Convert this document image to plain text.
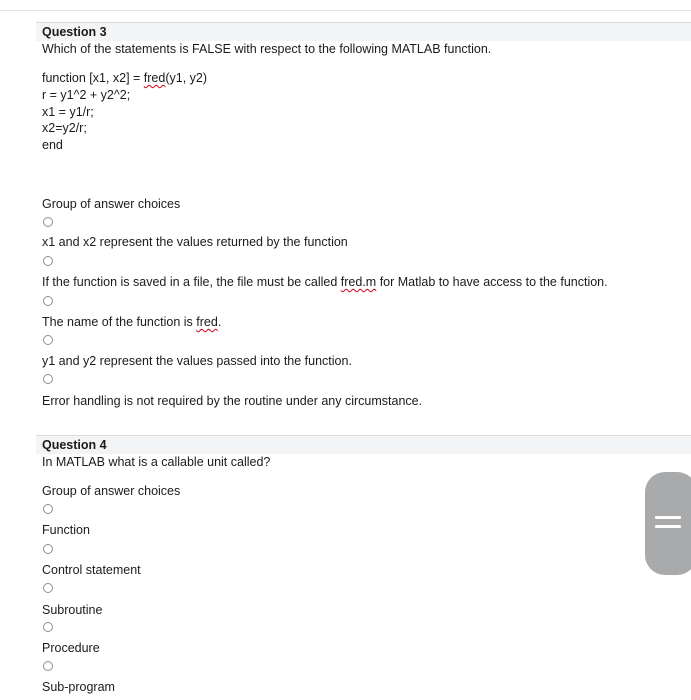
Question 3
Which of the statements is FALSE with respect to the following MATLAB function.
function [x1, x2] = fred(y1, y2)
r = y1^2 + y2^2;
x1 = y1/r;
x2=y2/r;
end
Group of answer choices
x1 and x2 represent the values returned by the function
If the function is saved in a file, the file must be called fred.m for Matlab to have access to the function.
The name of the function is fred.
y1 and y2 represent the values passed into the function.
Error handling is not required by the routine under any circumstance.
Question 4
In MATLAB what is a callable unit called?
Group of answer choices
Function
Control statement
Subroutine
Procedure
Sub-program
